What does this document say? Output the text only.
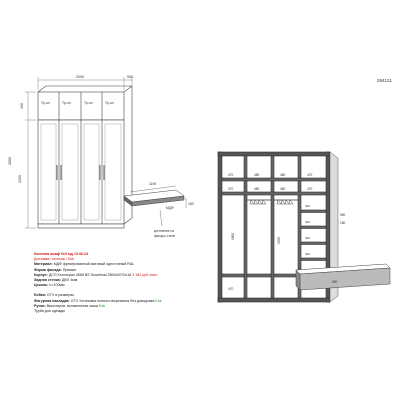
2000	550
400
2800
2200
Тр-ол	Тр-ол	Тр-ол	Тр-ол
1190
180
МДФ
крепление на
фасад к стене
470	480	480	470
470	480	480	470
550
180
1800
1590
340
340
340
340
470
590
284121
Колонна шкаф №3 мд 13.06.24
Доставка / монтаж / Kok
Материал: МДФ фрезерованный матовый однотонный RAL
Форма фасада: Прямые
Корпус: ДСП Kronospan 4689 BS Snowfrost 2800х2070х16 3 182 руб./лист
Задняя стенка: ДВП 4мм
Цоколь: h=100мм
Бейки: GTV в размерах
Фигурная накладка: GTV Установка полного вырезания без доводчика Kok
Ручки: Вмонтиров. вставленная чаша Kok
Труба для одежды
